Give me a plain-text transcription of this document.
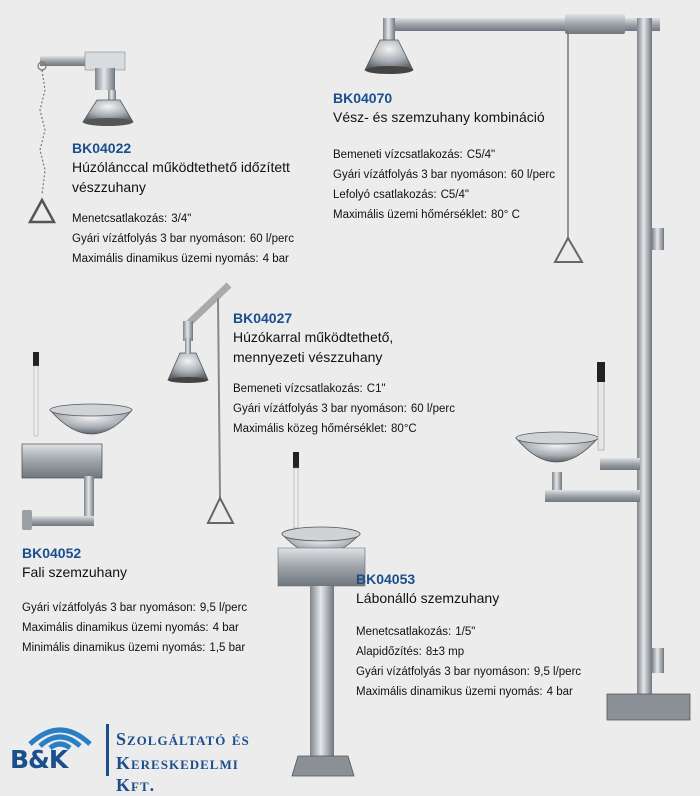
BK04022
Húzólánccal működtethető időzített
vészzuhany
Menetcsatlakozás: 3/4"
Gyári vízátfolyás 3 bar nyomáson: 60 l/perc
Maximális dinamikus üzemi nyomás: 4 bar
BK04070
Vész- és szemzuhany kombináció
Bemeneti vízcsatlakozás: C5/4"
Gyári vízátfolyás 3 bar nyomáson: 60 l/perc
Lefolyó csatlakozás: C5/4"
Maximális üzemi hőmérséklet: 80° C
BK04027
Húzókarral működtethető,
mennyezeti vészzuhany
Bemeneti vízcsatlakozás: C1"
Gyári vízátfolyás 3 bar nyomáson: 60 l/perc
Maximális közeg hőmérséklet: 80°C
BK04052
Fali szemzuhany
Gyári vízátfolyás 3 bar nyomáson: 9,5 l/perc
Maximális dinamikus üzemi nyomás: 4 bar
Minimális dinamikus üzemi nyomás: 1,5 bar
BK04053
Lábonálló szemzuhany
Menetcsatlakozás: 1/5"
Alapidőzítés: 8±3 mp
Gyári vízátfolyás 3 bar nyomáson: 9,5 l/perc
Maximális dinamikus üzemi nyomás: 4 bar
B&K
Szolgáltató és
Kereskedelmi Kft.
